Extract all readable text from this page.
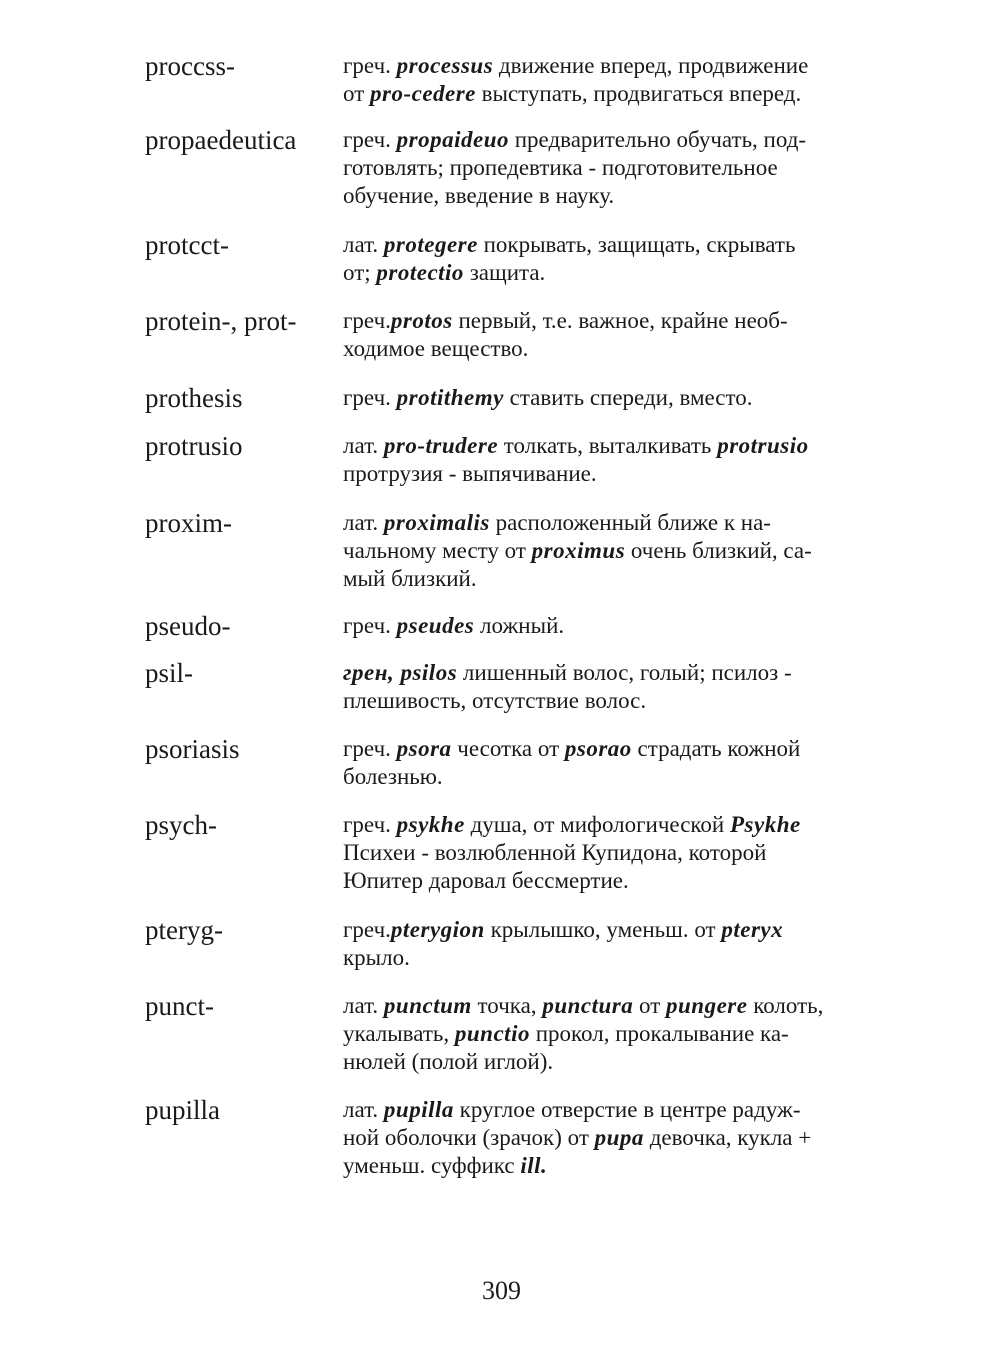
proccss-	греч. processus движение вперед, продвижение
от pro-cedere выступать, продвигаться вперед.
propaedeutica греч. propaideuo предварительно обучать, под-
готовлять; пропедевтика - подготовительное
обучение, введение в науку.
protcct-	лат. protegere покрывать, защищать, скрывать
от; protectio защита.
protein-, prot- греч.protos первый, т.е. важное, крайне необ-
ходимое вещество.
prothesis	греч. protithemy ставить спереди, вместо.
protrusio	лат. pro-trudere толкать, выталкивать protrusio
протрузия - выпячивание.
proxim-	лат. proximalis расположенный ближе к на-
чальному месту от proximus очень близкий, са-
мый близкий.
pseudo-	греч. pseudes ложный.
psil-	грен, psilos лишенный волос, голый; псилоз -
плешивость, отсутствие волос.
psoriasis	греч. psora чесотка от psorao страдать кожной
болезнью.
psych-	греч. psykhe душа, от мифологической Psykhe
Психеи - возлюбленной Купидона, которой
Юпитер даровал бессмертие.
pteryg-	греч.pterygion крылышко, уменьш. от pteryx
крыло.
punct-	лат. punctum точка, punctura от pungere колоть,
укалывать, punctio прокол, прокалывание ка-
нюлей (полой иглой).
pupilla	лат. pupilla круглое отверстие в центре радуж-
ной оболочки (зрачок) от pupa девочка, кукла +
уменьш. суффикс ill.
309
